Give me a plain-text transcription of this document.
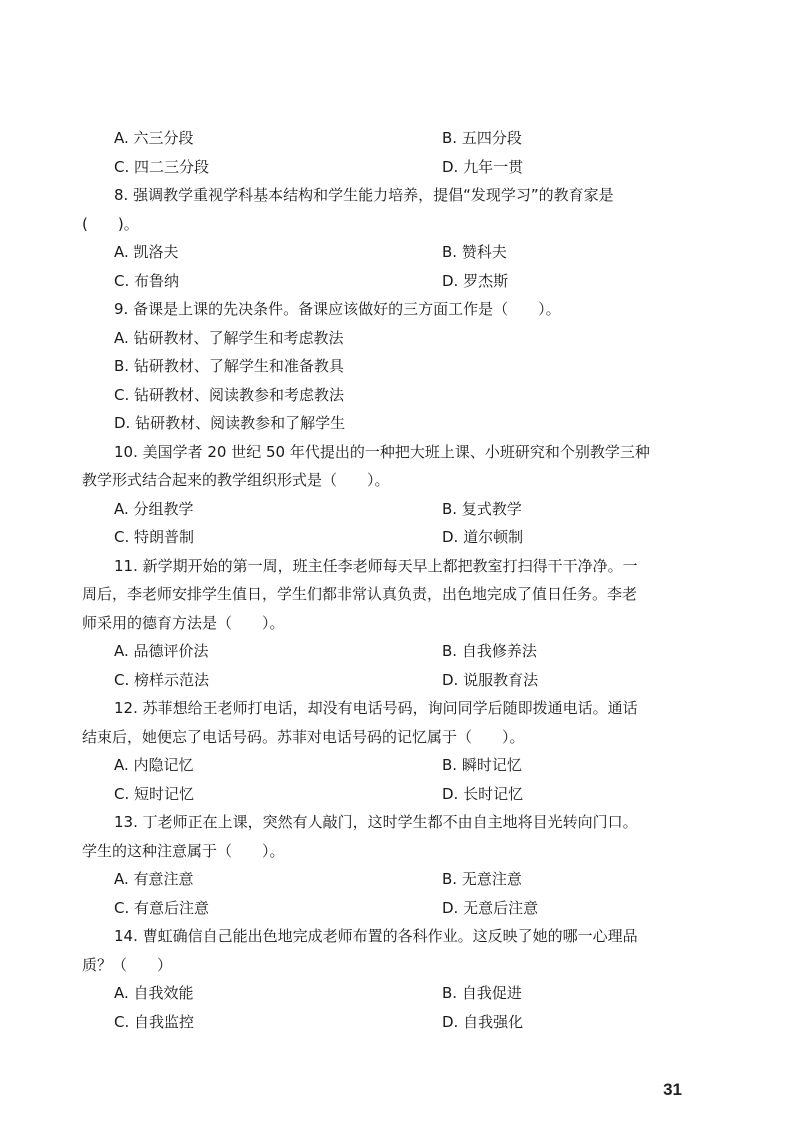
A. 六三分段	B. 五四分段
C. 四二三分段	D. 九年一贯
8. 强调教学重视学科基本结构和学生能力培养，提倡“发现学习”的教育家是
(　　)。
A. 凯洛夫	B. 赞科夫
C. 布鲁纳	D. 罗杰斯
9. 备课是上课的先决条件。备课应该做好的三方面工作是（　　）。
A. 钻研教材、了解学生和考虑教法
B. 钻研教材、了解学生和准备教具
C. 钻研教材、阅读教参和考虑教法
D. 钻研教材、阅读教参和了解学生
10. 美国学者 20 世纪 50 年代提出的一种把大班上课、小班研究和个别教学三种
教学形式结合起来的教学组织形式是（　　）。
A. 分组教学	B. 复式教学
C. 特朗普制	D. 道尔顿制
11. 新学期开始的第一周，班主任李老师每天早上都把教室打扫得干干净净。一
周后，李老师安排学生值日，学生们都非常认真负责，出色地完成了值日任务。李老
师采用的德育方法是（　　）。
A. 品德评价法	B. 自我修养法
C. 榜样示范法	D. 说服教育法
12. 苏菲想给王老师打电话，却没有电话号码，询问同学后随即拨通电话。通话
结束后，她便忘了电话号码。苏菲对电话号码的记忆属于（　　）。
A. 内隐记忆	B. 瞬时记忆
C. 短时记忆	D. 长时记忆
13. 丁老师正在上课，突然有人敲门，这时学生都不由自主地将目光转向门口。
学生的这种注意属于（　　）。
A. 有意注意	B. 无意注意
C. 有意后注意	D. 无意后注意
14. 曹虹确信自己能出色地完成老师布置的各科作业。这反映了她的哪一心理品
质？（　　）
A. 自我效能	B. 自我促进
C. 自我监控	D. 自我强化
31
